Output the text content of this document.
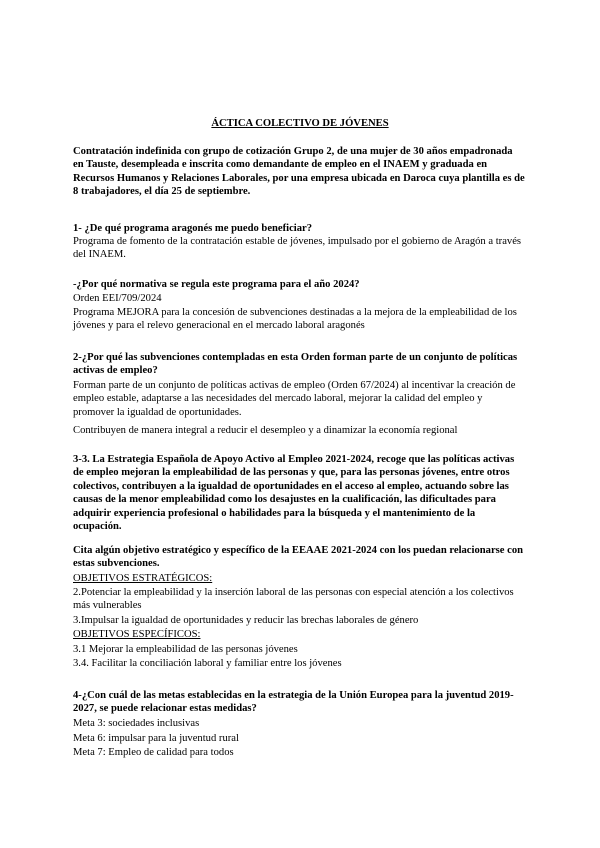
ÁCTICA COLECTIVO DE JÓVENES

Contratación indefinida con grupo de cotización Grupo 2, de una mujer de 30 años empadronada en Tauste, desempleada e inscrita como demandante de empleo en el INAEM y graduada en Recursos Humanos y Relaciones Laborales, por una empresa ubicada en Daroca cuya plantilla es de 8 trabajadores, el día 25 de septiembre.

1- ¿De qué programa aragonés me puedo beneficiar?

Programa de fomento de la contratación estable de jóvenes, impulsado por el gobierno de Aragón a través del INAEM.

-¿Por qué normativa se regula este programa para el año 2024?

Orden EEI/709/2024

Programa MEJORA para la concesión de subvenciones destinadas a la mejora de la empleabilidad de los jóvenes y para el relevo generacional en el mercado laboral aragonés

2-¿Por qué las subvenciones contempladas en esta Orden forman parte de un conjunto de políticas activas de empleo?

Forman parte de un conjunto de políticas activas de empleo (Orden 67/2024) al incentivar la creación de empleo estable, adaptarse a las necesidades del mercado laboral, mejorar la calidad del empleo y promover la igualdad de oportunidades.

Contribuyen de manera integral a reducir el desempleo y a dinamizar la economía regional

3-3. La Estrategia Española de Apoyo Activo al Empleo 2021-2024, recoge que las políticas activas de empleo mejoran la empleabilidad de las personas y que, para las personas jóvenes, entre otros colectivos, contribuyen a la igualdad de oportunidades en el acceso al empleo, actuando sobre las causas de la menor empleabilidad como los desajustes en la cualificación, las dificultades para adquirir experiencia profesional o habilidades para la búsqueda y el mantenimiento de la ocupación.

Cita algún objetivo estratégico y específico de la EEAAE 2021-2024 con los puedan relacionarse con estas subvenciones.

OBJETIVOS ESTRATÉGICOS:

2.Potenciar la empleabilidad y la inserción laboral de las personas con especial atención a los colectivos más vulnerables

3.Impulsar la igualdad de oportunidades y reducir las brechas laborales de género

OBJETIVOS ESPECÍFICOS:

3.1 Mejorar la empleabilidad de las personas jóvenes

3.4. Facilitar la conciliación laboral y familiar entre los jóvenes

4-¿Con cuál de las metas establecidas en la estrategia de la Unión Europea para la juventud 2019-2027, se puede relacionar estas medidas?

Meta 3: sociedades inclusivas

Meta 6: impulsar para la juventud rural

Meta 7: Empleo de calidad para todos
